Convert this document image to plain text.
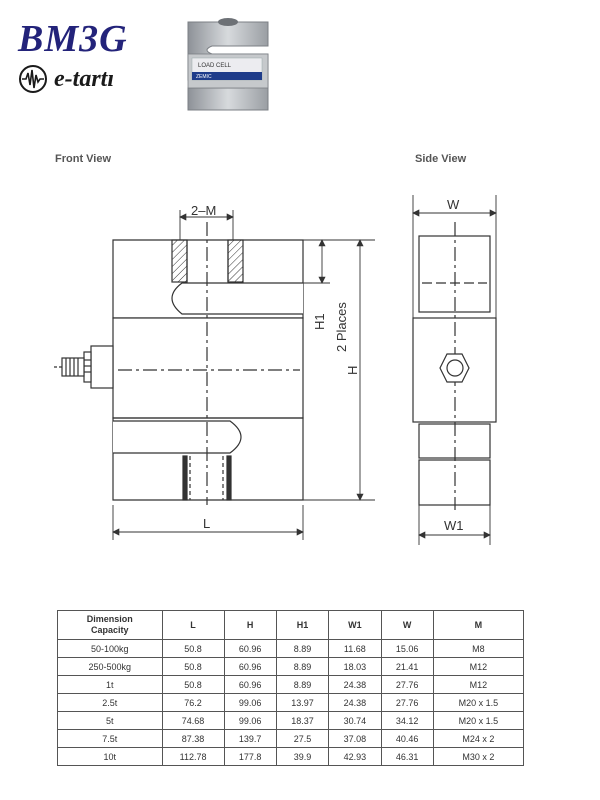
BM3G
e-tartı	LOAD CELL
ZEMIC
Front View	Side View
2–M
H1 2 Places
H
L
W
W1
Dimension
Capacity	L	H	H1	W1	W	M
50-100kg	50.8	60.96	8.89	11.68	15.06	M8
250-500kg	50.8	60.96	8.89	18.03	21.41	M12
1t	50.8	60.96	8.89	24.38	27.76	M12
2.5t	76.2	99.06	13.97	24.38	27.76	M20 x 1.5
5t	74.68	99.06	18.37	30.74	34.12	M20 x 1.5
7.5t	87.38	139.7	27.5	37.08	40.46	M24 x 2
10t	112.78	177.8	39.9	42.93	46.31	M30 x 2
